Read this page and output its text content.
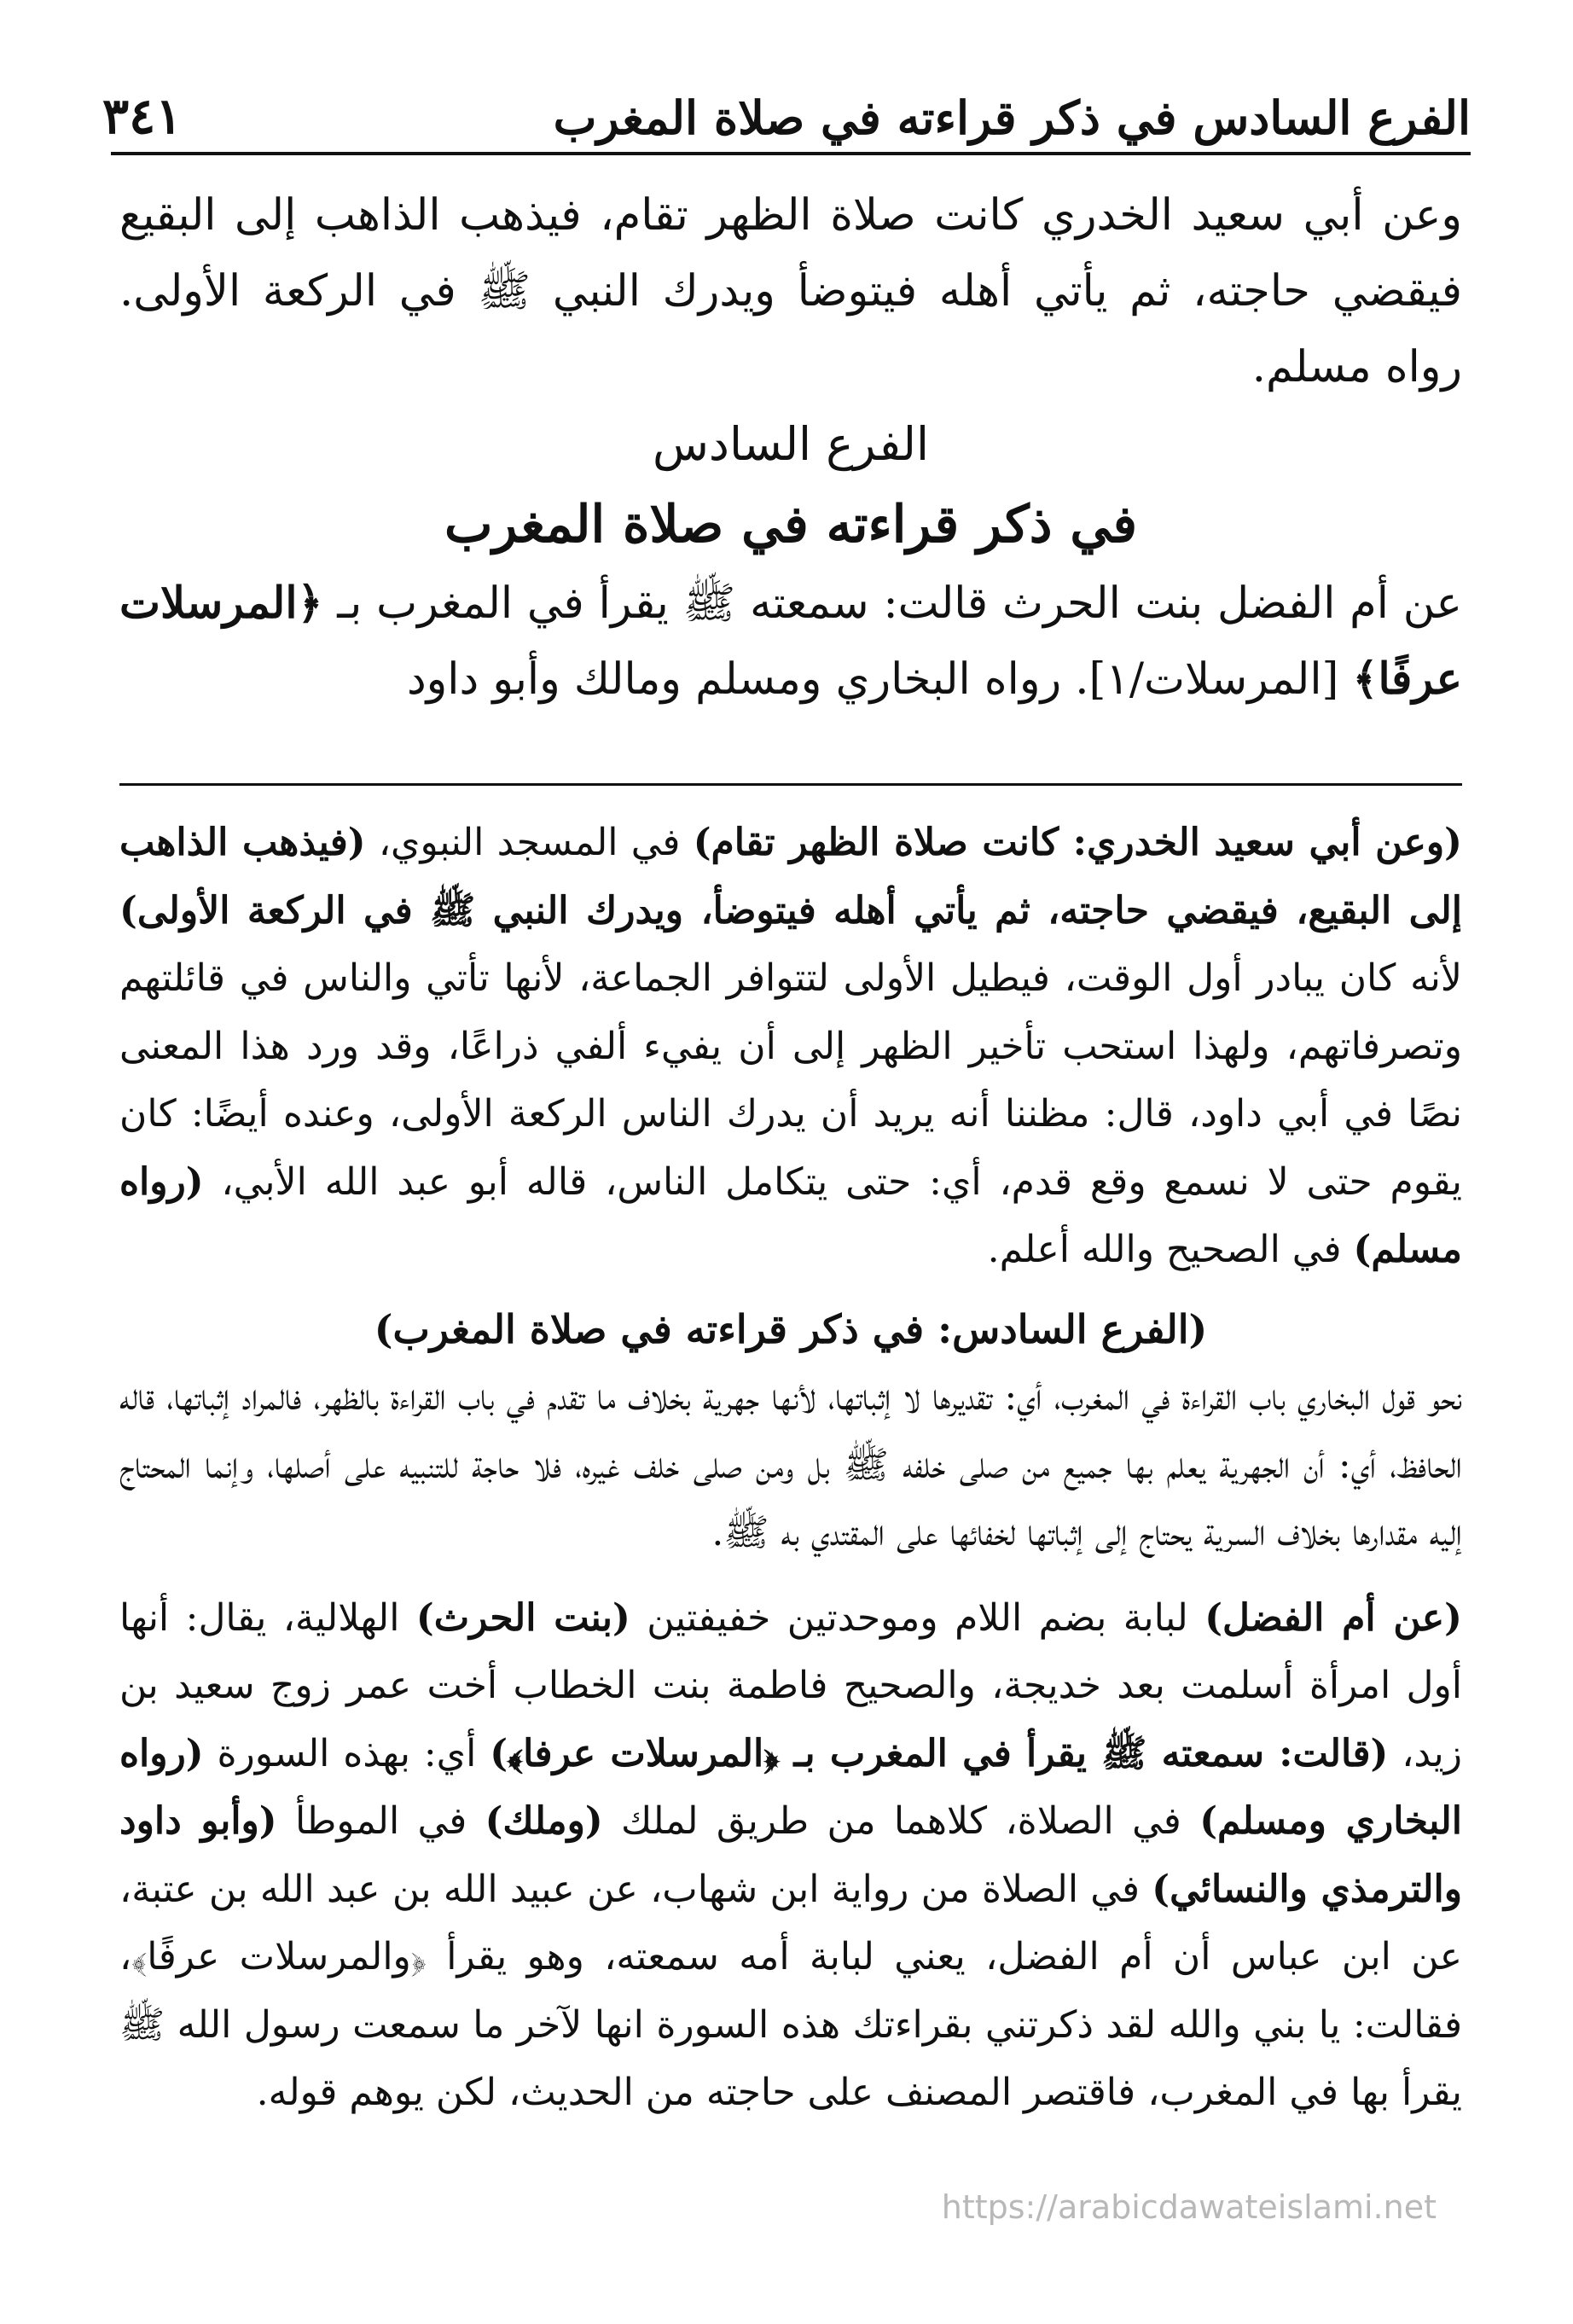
الفرع السادس في ذكر قراءته في صلاة المغرب
٣٤١

وعن أبي سعيد الخدري كانت صلاة الظهر تقام، فيذهب الذاهب إلى البقيع فيقضي حاجته، ثم يأتي أهله فيتوضأ ويدرك النبي ﷺ في الركعة الأولى. رواه مسلم.

الفرع السادس

في ذكر قراءته في صلاة المغرب

عن أم الفضل بنت الحرث قالت: سمعته ﷺ يقرأ في المغرب بـ ﴿المرسلات عرفًا﴾ [المرسلات/١]. رواه البخاري ومسلم ومالك وأبو داود

(وعن أبي سعيد الخدري: كانت صلاة الظهر تقام) في المسجد النبوي، (فيذهب الذاهب إلى البقيع، فيقضي حاجته، ثم يأتي أهله فيتوضأ، ويدرك النبي ﷺ في الركعة الأولى) لأنه كان يبادر أول الوقت، فيطيل الأولى لتتوافر الجماعة، لأنها تأتي والناس في قائلتهم وتصرفاتهم، ولهذا استحب تأخير الظهر إلى أن يفيء ألفي ذراعًا، وقد ورد هذا المعنى نصًا في أبي داود، قال: مظننا أنه يريد أن يدرك الناس الركعة الأولى، وعنده أيضًا: كان يقوم حتى لا نسمع وقع قدم، أي: حتى يتكامل الناس، قاله أبو عبد الله الأبي، (رواه مسلم) في الصحيح والله أعلم.

(الفرع السادس: في ذكر قراءته في صلاة المغرب)

نحو قول البخاري باب القراءة في المغرب، أي: تقديرها لا إثباتها، لأنها جهرية بخلاف ما تقدم في باب القراءة بالظهر، فالمراد إثباتها، قاله الحافظ، أي: أن الجهرية يعلم بها جميع من صلى خلفه ﷺ بل ومن صلى خلف غيره، فلا حاجة للتنبيه على أصلها، وإنما المحتاج إليه مقدارها بخلاف السرية يحتاج إلى إثباتها لخفائها على المقتدي به ﷺ.

(عن أم الفضل) لبابة بضم اللام وموحدتين خفيفتين (بنت الحرث) الهلالية، يقال: أنها أول امرأة أسلمت بعد خديجة، والصحيح فاطمة بنت الخطاب أخت عمر زوج سعيد بن زيد، (قالت: سمعته ﷺ يقرأ في المغرب بـ ﴿المرسلات عرفا﴾) أي: بهذه السورة (رواه البخاري ومسلم) في الصلاة، كلاهما من طريق لملك (وملك) في الموطأ (وأبو داود والترمذي والنسائي) في الصلاة من رواية ابن شهاب، عن عبيد الله بن عبد الله بن عتبة، عن ابن عباس أن أم الفضل، يعني لبابة أمه سمعته، وهو يقرأ ﴿والمرسلات عرفًا﴾، فقالت: يا بني والله لقد ذكرتني بقراءتك هذه السورة انها لآخر ما سمعت رسول الله ﷺ يقرأ بها في المغرب، فاقتصر المصنف على حاجته من الحديث، لكن يوهم قوله.

https://arabicdawateislami.net
